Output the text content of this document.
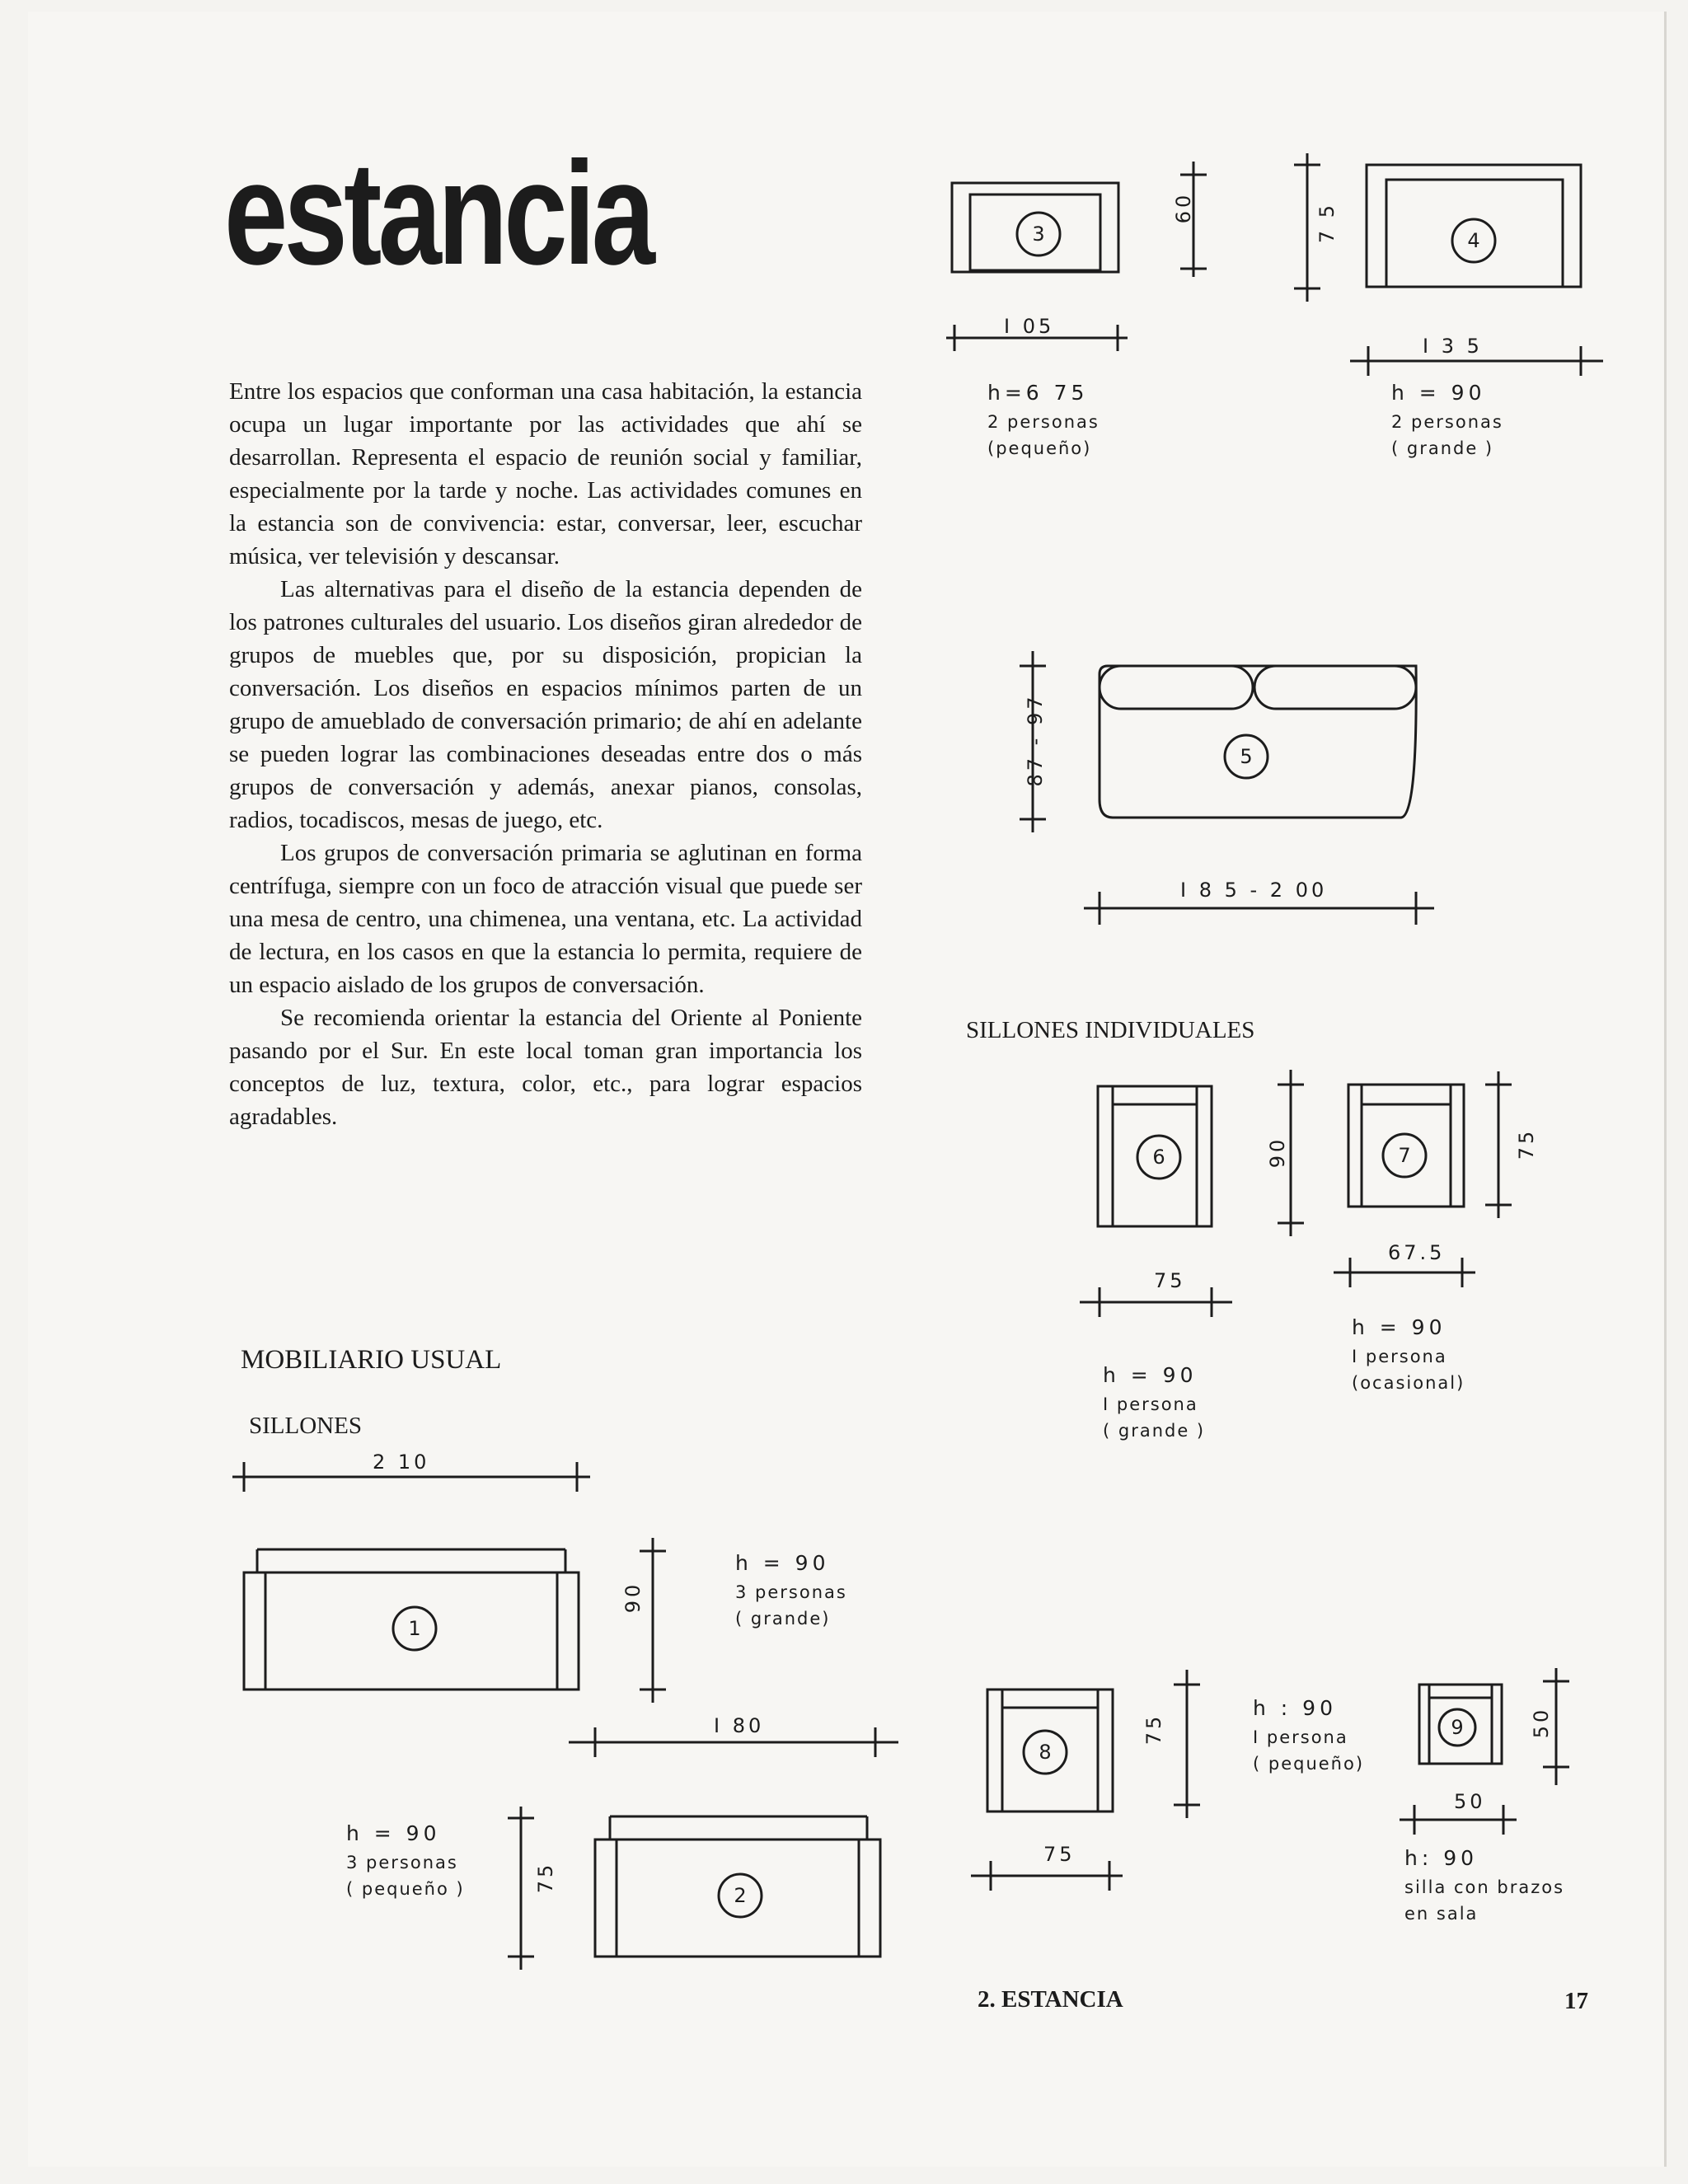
estancia

Entre los espacios que conforman una casa habitación, la estancia ocupa un lugar importante por las actividades que ahí se desarrollan. Representa el espacio de reunión social y familiar, especialmente por la tarde y noche. Las actividades comunes en la estancia son de convivencia: estar, conversar, leer, escuchar música, ver televisión y descansar.

Las alternativas para el diseño de la estancia dependen de los patrones culturales del usuario. Los diseños giran alrededor de grupos de muebles que, por su disposición, propician la conversación. Los diseños en espacios mínimos parten de un grupo de amueblado de conversación primario; de ahí en adelante se pueden lograr las combinaciones deseadas entre dos o más grupos de conversación y además, anexar pianos, consolas, radios, tocadiscos, mesas de juego, etc.

Los grupos de conversación primaria se aglutinan en forma centrífuga, siempre con un foco de atracción visual que puede ser una mesa de centro, una chimenea, una ventana, etc. La actividad de lectura, en los casos en que la estancia lo permita, requiere de un espacio aislado de los grupos de conversación.

Se recomienda orientar la estancia del Oriente al Poniente pasando por el Sur. En este local toman gran importancia los conceptos de luz, textura, color, etc., para lograr espacios agradables.

MOBILIARIO USUAL
SILLONES
SILLONES INDIVIDUALES
3
60
I 05
h=6 75
2 personas
(pequeño)
4
7 5
I 3 5
h = 90
2 personas
( grande )
5
87 - 97
I 8 5 - 2 00
6	90
75
h = 90
I persona
( grande )
7	75
67.5
h = 90
I persona
(ocasional)
1
2 10
90
h = 90
3 personas
( grande)
2
I 80
75
h = 90
3 personas
( pequeño )
8
75
75
h : 90
I persona
( pequeño)
9	50
50
h: 90
silla con brazos
en sala

2. ESTANCIA	17
